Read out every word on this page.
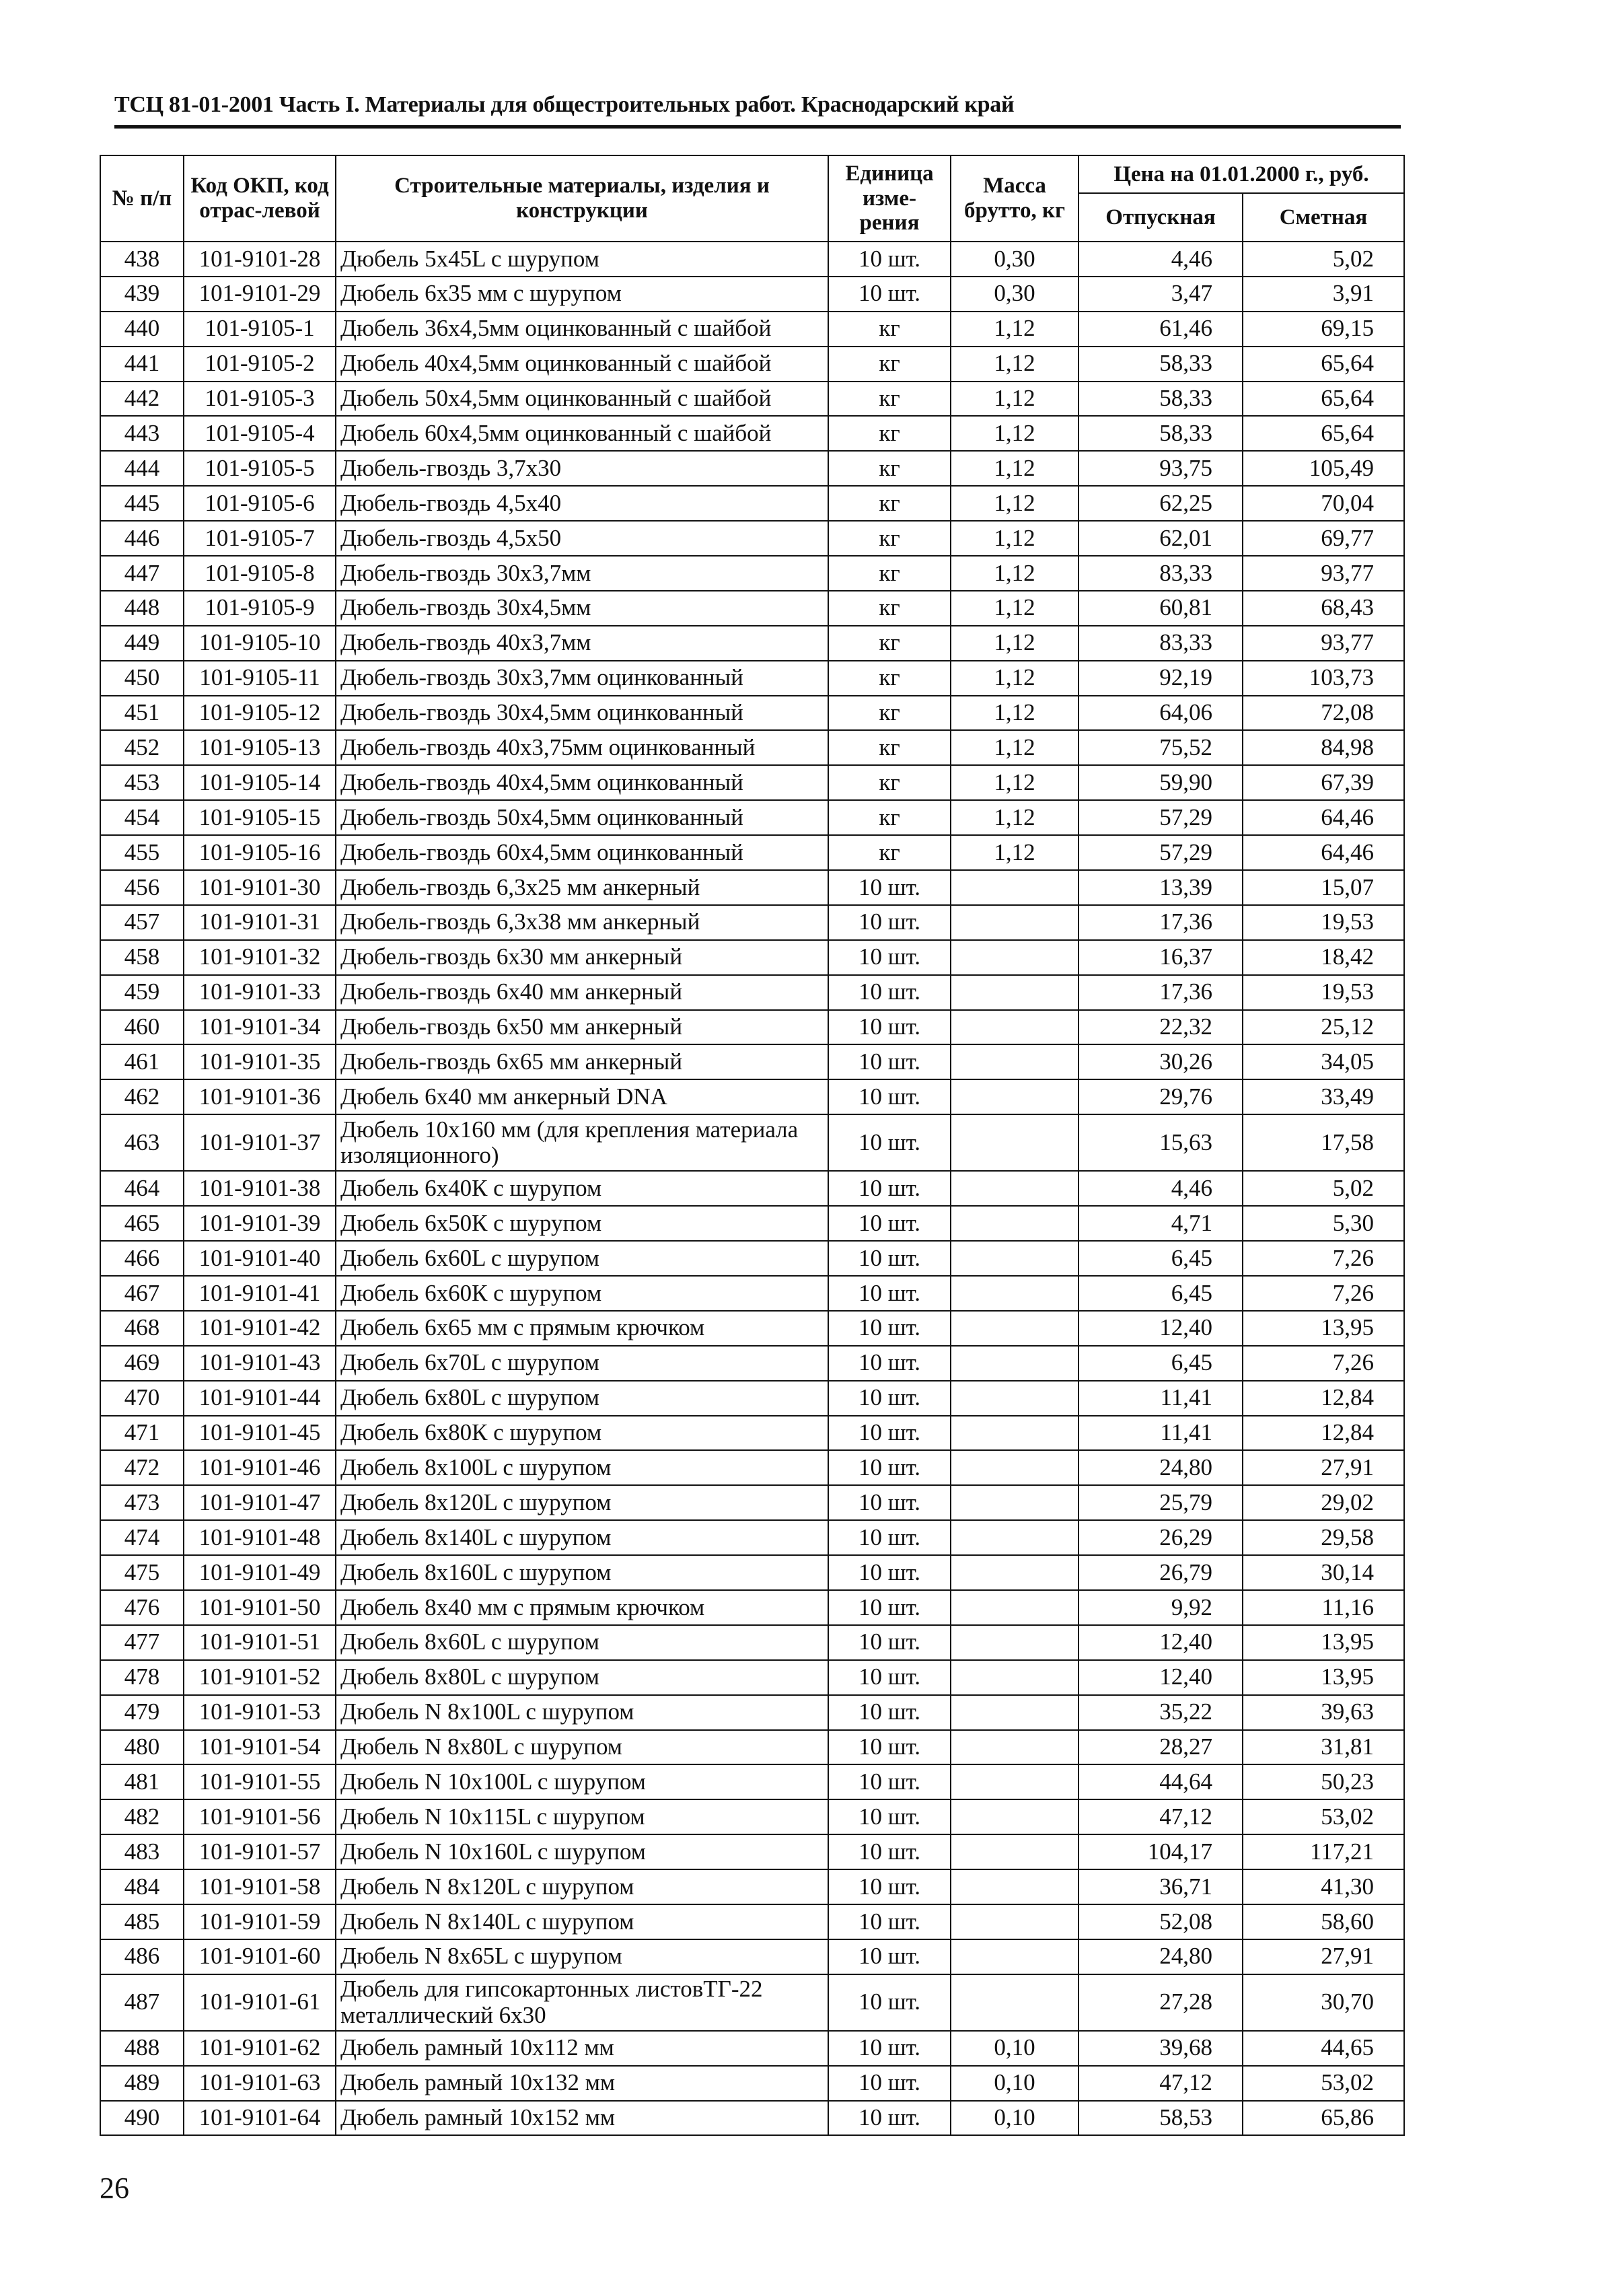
ТСЦ 81-01-2001 Часть I. Материалы для общестроительных работ. Краснодарский край
№ п/п	Код ОКП, код отрас-левой	Строительные материалы, изделия и конструкции	Единица изме-рения	Масса брутто, кг	Цена на 01.01.2000 г., руб.	
					Отпускная	Сметная
438	101-9101-28	Дюбель 5х45L с шурупом	10 шт.	0,30	4,46	5,02
439	101-9101-29	Дюбель 6х35 мм с шурупом	10 шт.	0,30	3,47	3,91
440	101-9105-1	Дюбель 36х4,5мм оцинкованный с шайбой	кг	1,12	61,46	69,15
441	101-9105-2	Дюбель 40х4,5мм оцинкованный с шайбой	кг	1,12	58,33	65,64
442	101-9105-3	Дюбель 50х4,5мм оцинкованный с шайбой	кг	1,12	58,33	65,64
443	101-9105-4	Дюбель 60х4,5мм оцинкованный с шайбой	кг	1,12	58,33	65,64
444	101-9105-5	Дюбель-гвоздь 3,7х30	кг	1,12	93,75	105,49
445	101-9105-6	Дюбель-гвоздь 4,5х40	кг	1,12	62,25	70,04
446	101-9105-7	Дюбель-гвоздь 4,5х50	кг	1,12	62,01	69,77
447	101-9105-8	Дюбель-гвоздь 30х3,7мм	кг	1,12	83,33	93,77
448	101-9105-9	Дюбель-гвоздь 30х4,5мм	кг	1,12	60,81	68,43
449	101-9105-10	Дюбель-гвоздь 40хЗ,7мм	кг	1,12	83,33	93,77
450	101-9105-11	Дюбель-гвоздь 30х3,7мм оцинкованный	кг	1,12	92,19	103,73
451	101-9105-12	Дюбель-гвоздь 30х4,5мм оцинкованный	кг	1,12	64,06	72,08
452	101-9105-13	Дюбель-гвоздь 40х3,75мм оцинкованный	кг	1,12	75,52	84,98
453	101-9105-14	Дюбель-гвоздь 40х4,5мм оцинкованный	кг	1,12	59,90	67,39
454	101-9105-15	Дюбель-гвоздь 50х4,5мм оцинкованный	кг	1,12	57,29	64,46
455	101-9105-16	Дюбель-гвоздь 60х4,5мм оцинкованный	кг	1,12	57,29	64,46
456	101-9101-30	Дюбель-гвоздь 6,3х25 мм анкерный	10 шт.		13,39	15,07
457	101-9101-31	Дюбель-гвоздь 6,3х38 мм анкерный	10 шт.		17,36	19,53
458	101-9101-32	Дюбель-гвоздь 6х30 мм анкерный	10 шт.		16,37	18,42
459	101-9101-33	Дюбель-гвоздь 6х40 мм анкерный	10 шт.		17,36	19,53
460	101-9101-34	Дюбель-гвоздь 6х50 мм анкерный	10 шт.		22,32	25,12
461	101-9101-35	Дюбель-гвоздь 6х65 мм анкерный	10 шт.		30,26	34,05
462	101-9101-36	Дюбель 6х40 мм анкерный DNA	10 шт.		29,76	33,49
463	101-9101-37	Дюбель 10х160 мм (для крепления материала изоляционного)	10 шт.		15,63	17,58
464	101-9101-38	Дюбель 6х40К с шурупом	10 шт.		4,46	5,02
465	101-9101-39	Дюбель 6х50К с шурупом	10 шт.		4,71	5,30
466	101-9101-40	Дюбель 6х60L с шурупом	10 шт.		6,45	7,26
467	101-9101-41	Дюбель 6х60К с шурупом	10 шт.		6,45	7,26
468	101-9101-42	Дюбель 6х65 мм с прямым крючком	10 шт.		12,40	13,95
469	101-9101-43	Дюбель 6х70L с шурупом	10 шт.		6,45	7,26
470	101-9101-44	Дюбель 6х80L с шурупом	10 шт.		11,41	12,84
471	101-9101-45	Дюбель 6х80К с шурупом	10 шт.		11,41	12,84
472	101-9101-46	Дюбель 8х100L с шурупом	10 шт.		24,80	27,91
473	101-9101-47	Дюбель 8х120L с шурупом	10 шт.		25,79	29,02
474	101-9101-48	Дюбель 8х140L с шурупом	10 шт.		26,29	29,58
475	101-9101-49	Дюбель 8х160L с шурупом	10 шт.		26,79	30,14
476	101-9101-50	Дюбель 8х40 мм с прямым крючком	10 шт.		9,92	11,16
477	101-9101-51	Дюбель 8х60L с шурупом	10 шт.		12,40	13,95
478	101-9101-52	Дюбель 8х80L с шурупом	10 шт.		12,40	13,95
479	101-9101-53	Дюбель N 8х100L с шурупом	10 шт.		35,22	39,63
480	101-9101-54	Дюбель N 8х80L с шурупом	10 шт.		28,27	31,81
481	101-9101-55	Дюбель N 10х100L с шурупом	10 шт.		44,64	50,23
482	101-9101-56	Дюбель N 10х115L с шурупом	10 шт.		47,12	53,02
483	101-9101-57	Дюбель N 10х160L с шурупом	10 шт.		104,17	117,21
484	101-9101-58	Дюбель N 8х120L с шурупом	10 шт.		36,71	41,30
485	101-9101-59	Дюбель N 8х140L с шурупом	10 шт.		52,08	58,60
486	101-9101-60	Дюбель N 8х65L с шурупом	10 шт.		24,80	27,91
487	101-9101-61	Дюбель для гипсокартонных листовТГ-22 металлический 6х30	10 шт.		27,28	30,70
488	101-9101-62	Дюбель рамный 10х112 мм	10 шт.	0,10	39,68	44,65
489	101-9101-63	Дюбель рамный 10х132 мм	10 шт.	0,10	47,12	53,02
490	101-9101-64	Дюбель рамный 10х152 мм	10 шт.	0,10	58,53	65,86
26
